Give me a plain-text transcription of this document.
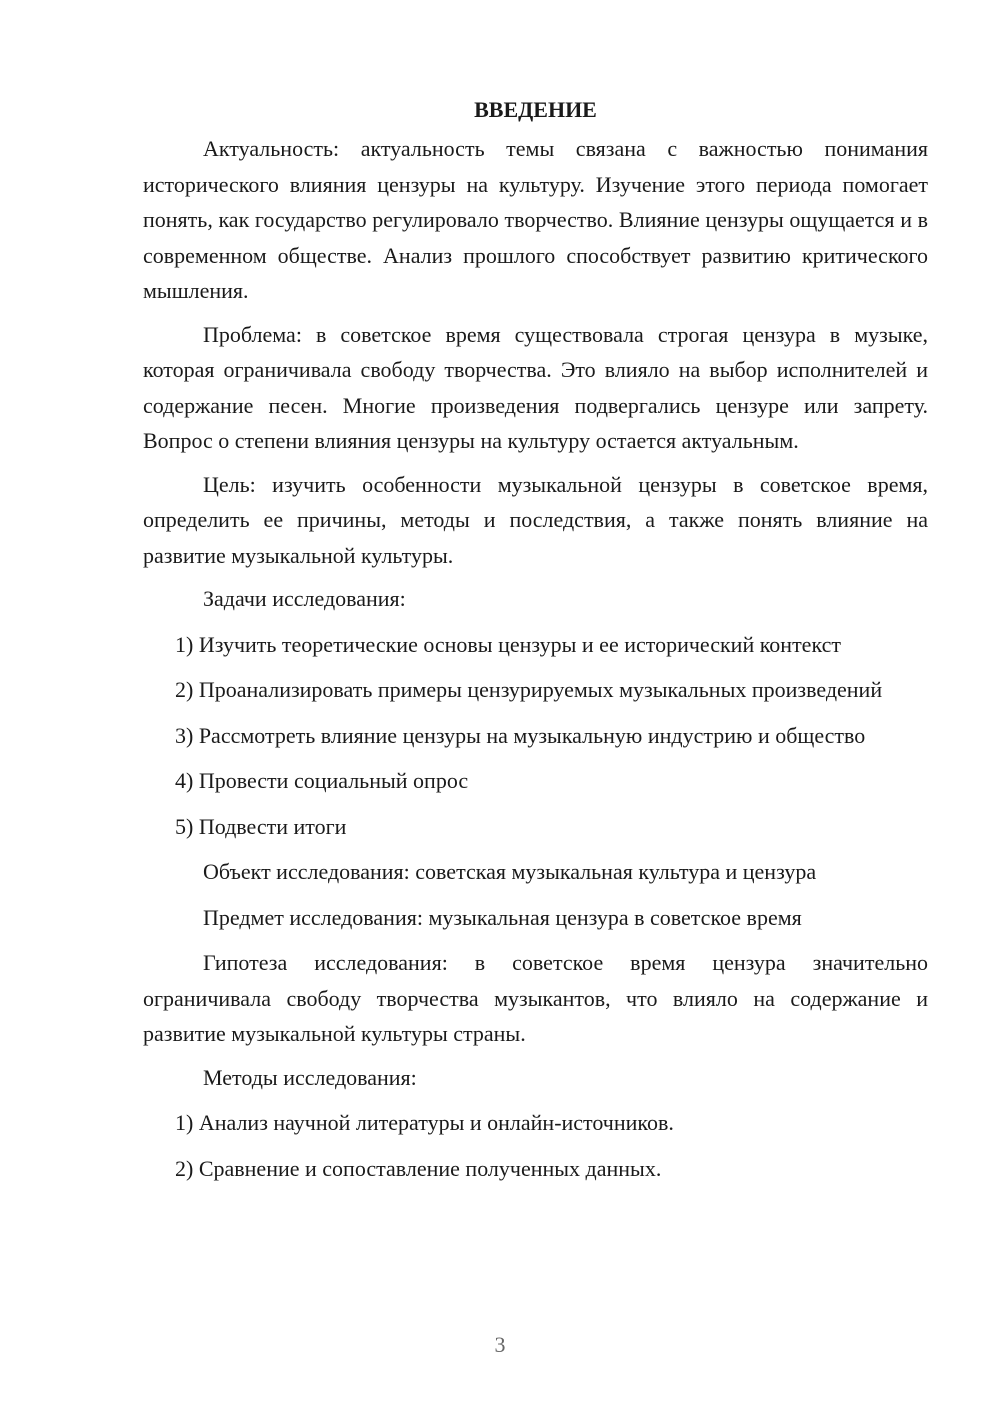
ВВЕДЕНИЕ

Актуальность: актуальность темы связана с важностью понимания исторического влияния цензуры на культуру. Изучение этого периода помогает понять, как государство регулировало творчество. Влияние цензуры ощущается и в современном обществе. Анализ прошлого способствует развитию критического мышления.

Проблема: в советское время существовала строгая цензура в музыке, которая ограничивала свободу творчества. Это влияло на выбор исполнителей и содержание песен. Многие произведения подвергались цензуре или запрету. Вопрос о степени влияния цензуры на культуру остается актуальным.

Цель: изучить особенности музыкальной цензуры в советское время, определить ее причины, методы и последствия, а также понять влияние на развитие музыкальной культуры.

Задачи исследования:

1) Изучить теоретические основы цензуры и ее исторический контекст

2) Проанализировать примеры цензурируемых музыкальных произведений

3) Рассмотреть влияние цензуры на музыкальную индустрию и общество

4) Провести социальный опрос

5) Подвести итоги

Объект исследования: советская музыкальная культура и цензура

Предмет исследования: музыкальная цензура в советское время

Гипотеза исследования: в советское время цензура значительно ограничивала свободу творчества музыкантов, что влияло на содержание и развитие музыкальной культуры страны.

Методы исследования:

1) Анализ научной литературы и онлайн-источников.

2) Сравнение и сопоставление полученных данных.

3
